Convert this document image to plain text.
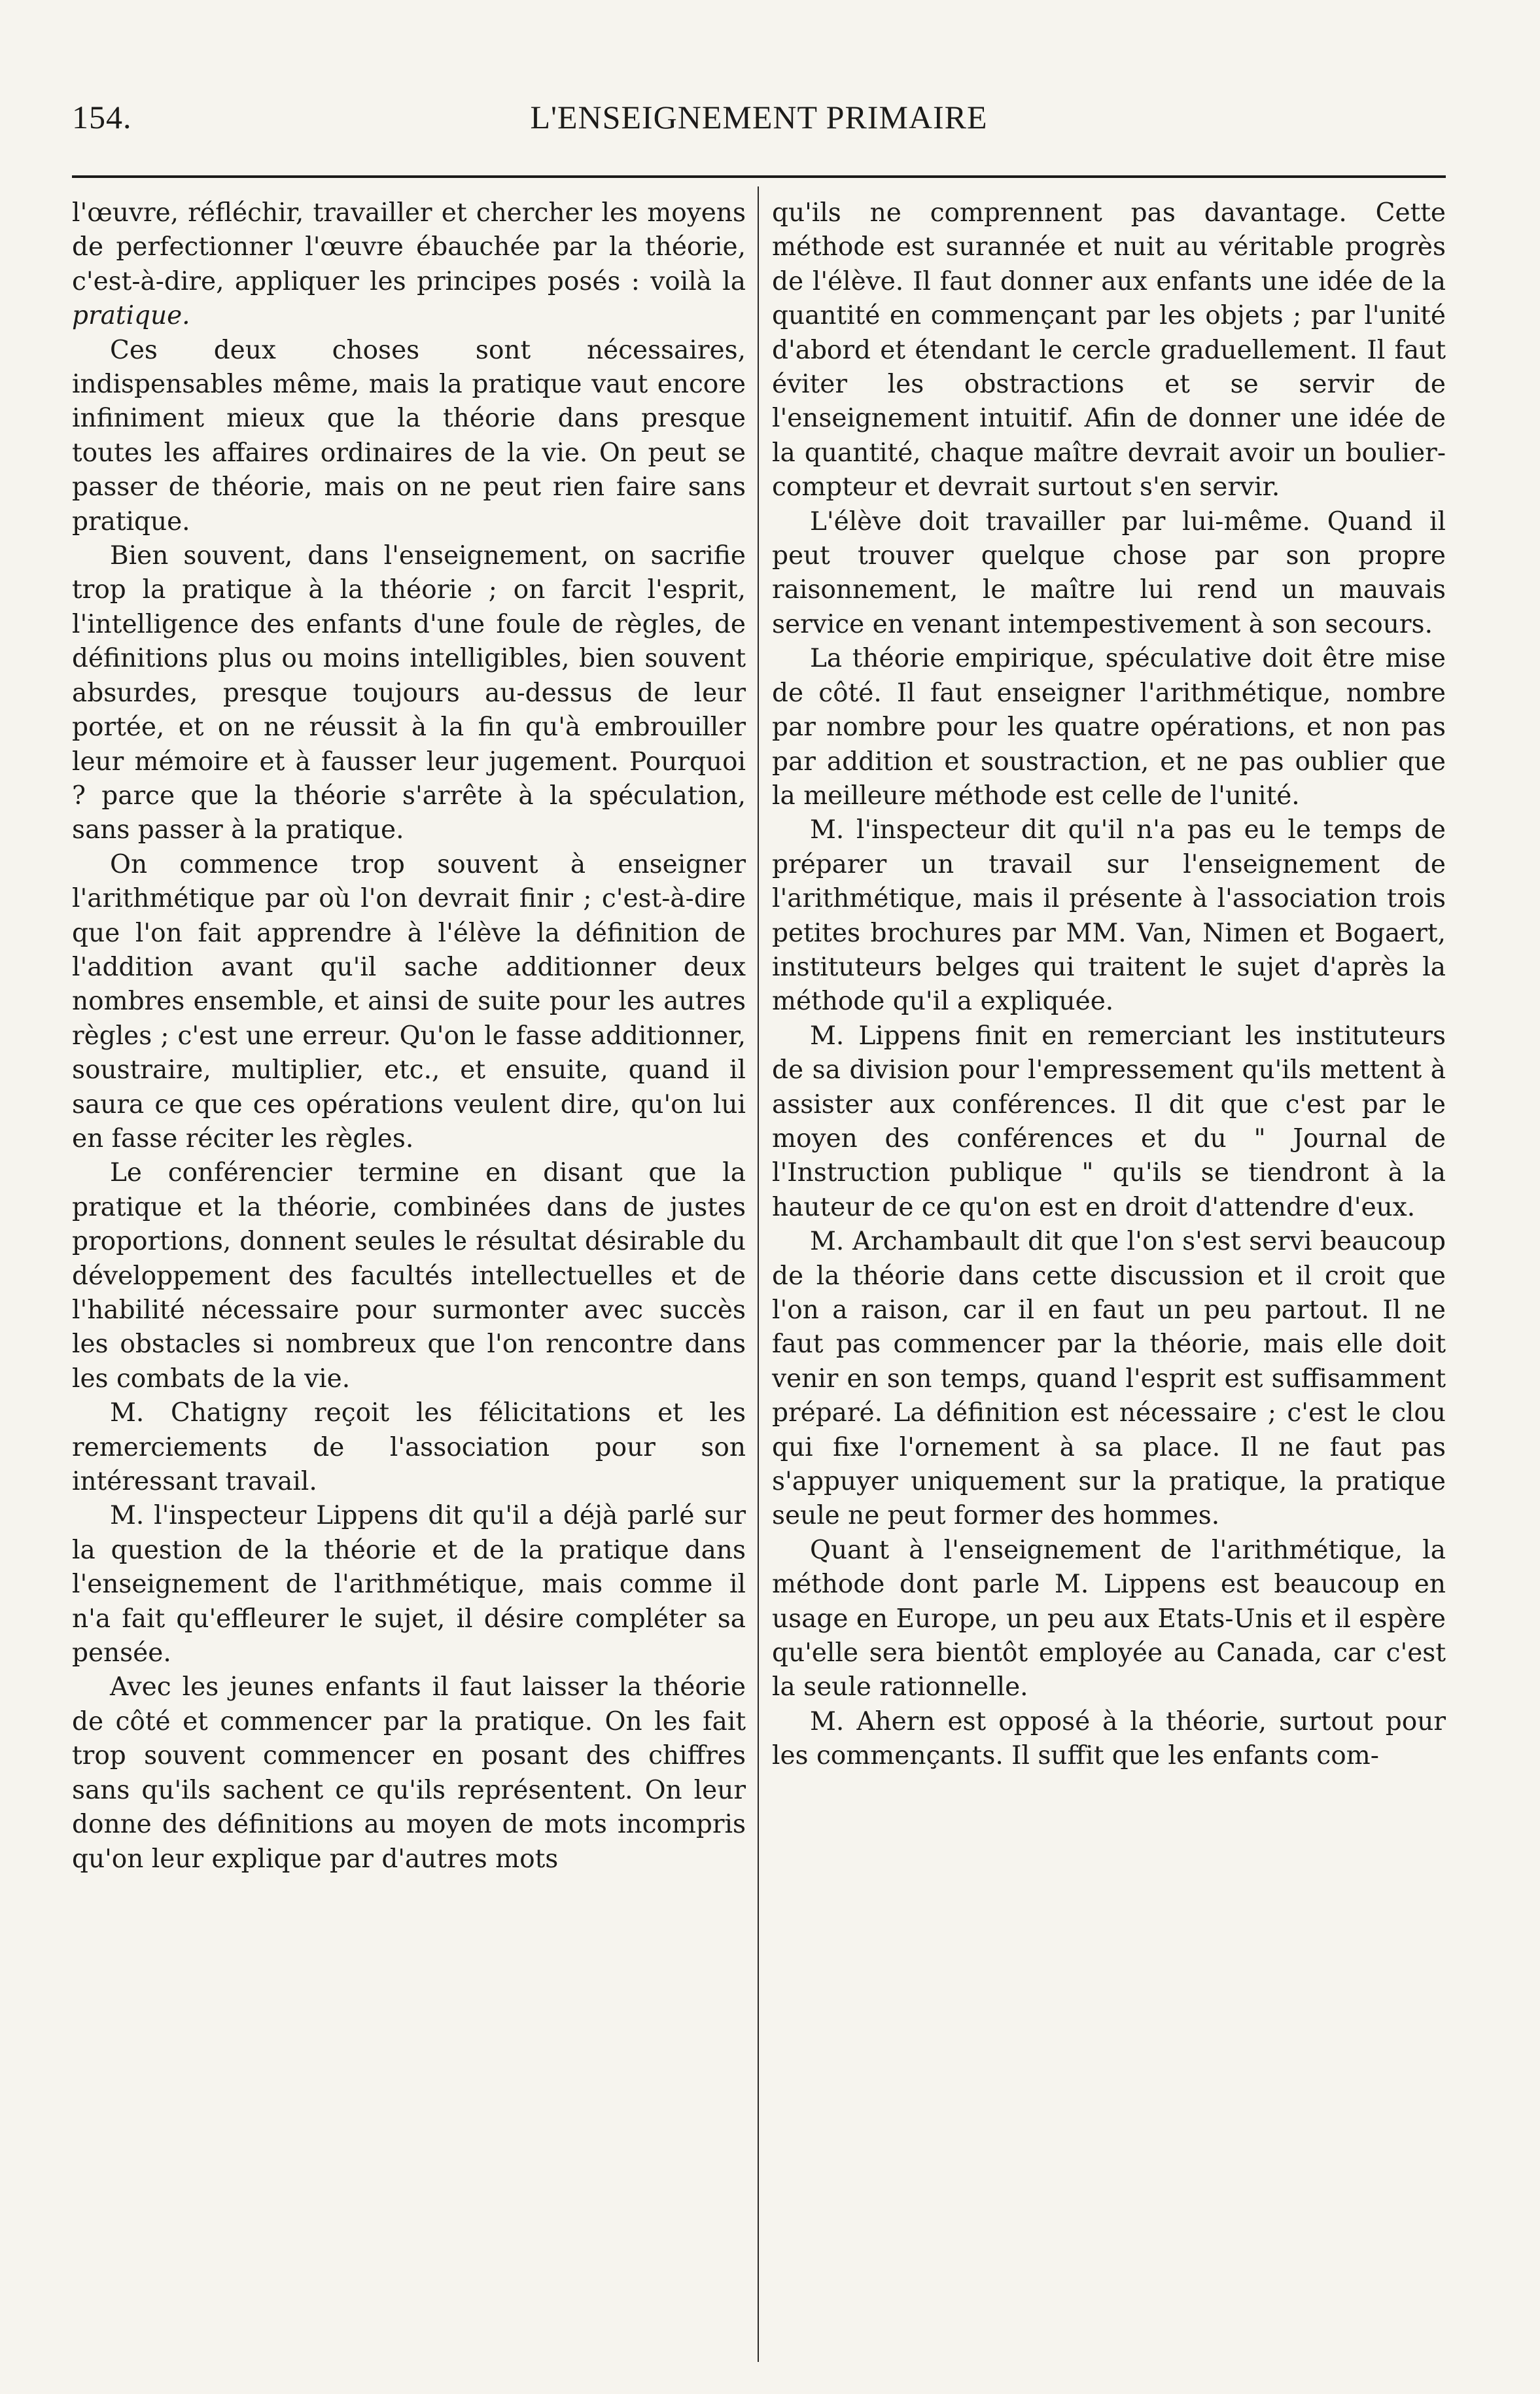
154.	L'ENSEIGNEMENT PRIMAIRE

l'œuvre, réfléchir, travailler et chercher les moyens de perfectionner l'œuvre ébauchée par la théorie, c'est-à-dire, appliquer les principes posés : voilà la pratique.

Ces deux choses sont nécessaires, indispensables même, mais la pratique vaut encore infiniment mieux que la théorie dans presque toutes les affaires ordinaires de la vie. On peut se passer de théorie, mais on ne peut rien faire sans pratique.

Bien souvent, dans l'enseignement, on sacrifie trop la pratique à la théorie ; on farcit l'esprit, l'intelligence des enfants d'une foule de règles, de définitions plus ou moins intelligibles, bien souvent absurdes, presque toujours au-dessus de leur portée, et on ne réussit à la fin qu'à embrouiller leur mémoire et à fausser leur jugement. Pourquoi ? parce que la théorie s'arrête à la spéculation, sans passer à la pratique.

On commence trop souvent à enseigner l'arithmétique par où l'on devrait finir ; c'est-à-dire que l'on fait apprendre à l'élève la définition de l'addition avant qu'il sache additionner deux nombres ensemble, et ainsi de suite pour les autres règles ; c'est une erreur. Qu'on le fasse additionner, soustraire, multiplier, etc., et ensuite, quand il saura ce que ces opérations veulent dire, qu'on lui en fasse réciter les règles.

Le conférencier termine en disant que la pratique et la théorie, combinées dans de justes proportions, donnent seules le résultat désirable du développement des facultés intellectuelles et de l'habilité nécessaire pour surmonter avec succès les obstacles si nombreux que l'on rencontre dans les combats de la vie.

M. Chatigny reçoit les félicitations et les remerciements de l'association pour son intéressant travail.

M. l'inspecteur Lippens dit qu'il a déjà parlé sur la question de la théorie et de la pratique dans l'enseignement de l'arithmétique, mais comme il n'a fait qu'effleurer le sujet, il désire compléter sa pensée.

Avec les jeunes enfants il faut laisser la théorie de côté et commencer par la pratique. On les fait trop souvent commencer en posant des chiffres sans qu'ils sachent ce qu'ils représentent. On leur donne des définitions au moyen de mots incompris qu'on leur explique par d'autres mots

qu'ils ne comprennent pas davantage. Cette méthode est surannée et nuit au véritable progrès de l'élève. Il faut donner aux enfants une idée de la quantité en commençant par les objets ; par l'unité d'abord et étendant le cercle graduellement. Il faut éviter les obstractions et se servir de l'enseignement intuitif. Afin de donner une idée de la quantité, chaque maître devrait avoir un boulier-compteur et devrait surtout s'en servir.

L'élève doit travailler par lui-même. Quand il peut trouver quelque chose par son propre raisonnement, le maître lui rend un mauvais service en venant intempestivement à son secours.

La théorie empirique, spéculative doit être mise de côté. Il faut enseigner l'arithmétique, nombre par nombre pour les quatre opérations, et non pas par addition et soustraction, et ne pas oublier que la meilleure méthode est celle de l'unité.

M. l'inspecteur dit qu'il n'a pas eu le temps de préparer un travail sur l'enseignement de l'arithmétique, mais il présente à l'association trois petites brochures par MM. Van, Nimen et Bogaert, instituteurs belges qui traitent le sujet d'après la méthode qu'il a expliquée.

M. Lippens finit en remerciant les instituteurs de sa division pour l'empressement qu'ils mettent à assister aux conférences. Il dit que c'est par le moyen des conférences et du " Journal de l'Instruction publique " qu'ils se tiendront à la hauteur de ce qu'on est en droit d'attendre d'eux.

M. Archambault dit que l'on s'est servi beaucoup de la théorie dans cette discussion et il croit que l'on a raison, car il en faut un peu partout. Il ne faut pas commencer par la théorie, mais elle doit venir en son temps, quand l'esprit est suffisamment préparé. La définition est nécessaire ; c'est le clou qui fixe l'ornement à sa place. Il ne faut pas s'appuyer uniquement sur la pratique, la pratique seule ne peut former des hommes.

Quant à l'enseignement de l'arithmétique, la méthode dont parle M. Lippens est beaucoup en usage en Europe, un peu aux Etats-Unis et il espère qu'elle sera bientôt employée au Canada, car c'est la seule rationnelle.

M. Ahern est opposé à la théorie, surtout pour les commençants. Il suffit que les enfants com-
